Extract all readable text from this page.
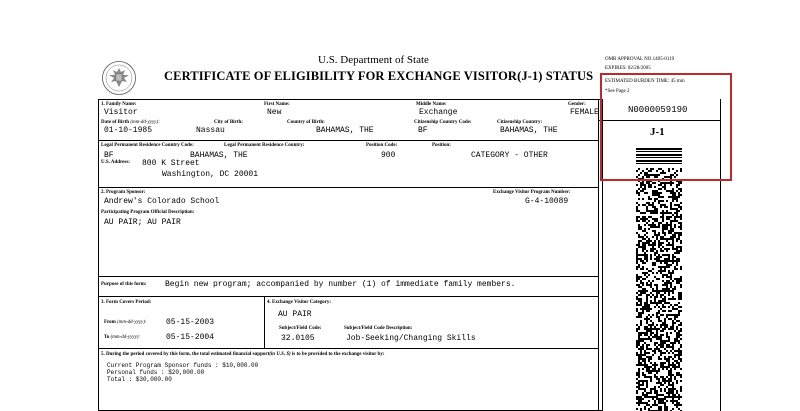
U.S. Department of State
CERTIFICATE OF ELIGIBILITY FOR EXCHANGE VISITOR(J-1) STATUS
OMB APPROVAL NO.1405-0119
EXPIRES: 02/28/2005
ESTIMATED BURDEN TIME: 45 min
*See Page 2
1. Family Name:
Visitor
First Name:
New
Middle Name:
Exchange
Gender:
FEMALE
Date of Birth (mm-dd-yyyy):
01-10-1985
City of Birth:
Nassau
Country of Birth:
BAHAMAS, THE
Citizenship Country Code:
BF
Citizenship Country:
BAHAMAS, THE
Legal Permanent Residence Country Code:
BF
Legal Permanent Residence Country:
BAHAMAS, THE
Position Code:
900
Position:
CATEGORY - OTHER
U.S. Address: 800 K Street
Washington, DC 20001
2. Program Sponsor:
Andrew's Colorado School
Exchange Visitor Program Number:
G-4-10089
Participating Program Official Description:
AU PAIR; AU PAIR
Purpose of this form: Begin new program; accompanied by number (1) of immediate family members.
3. Form Covers Period:
From (mm-dd-yyyy): 05-15-2003
To (mm-dd-yyyy):	05-15-2004
4. Exchange Visitor Category:
AU PAIR
Subject/Field Code:
32.0105
Subject/Field Code Description:
Job-Seeking/Changing Skills
5. During the period covered by this form, the total estimated financial support(in U.S. $) is to be provided to the exchange visitor by:
Current Program Sponsor funds : $10,000.00
Personal funds : $20,000.00
Total : $30,000.00
N0000059190
J-1
